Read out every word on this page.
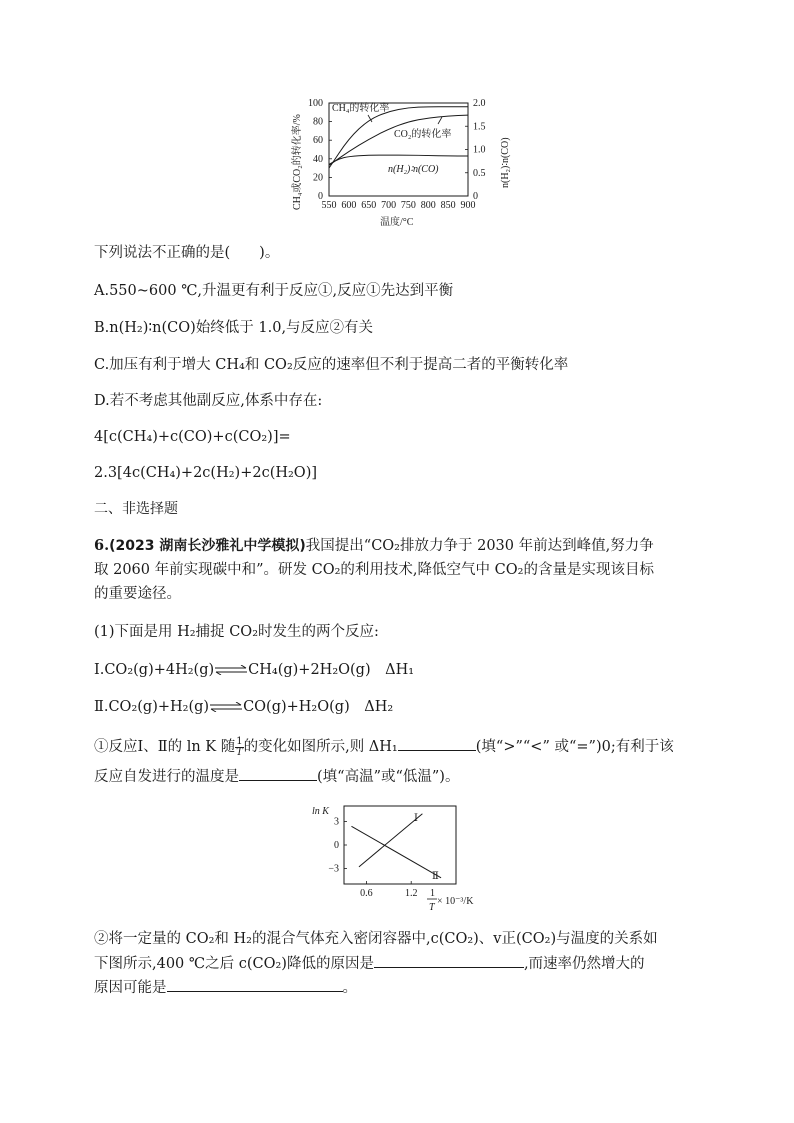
CH₄或CO₂的转化率/%	n(H₂)∶n(CO)
温度/°C
550 600 650 700 750 800 850 900
0
20
40
60
80
100
0
0.5
1.0
1.5
2.0
CH₄的转化率
CO₂的转化率
n(H₂)∶n(CO)
下列说法不正确的是(　　)。
A.550~600 ℃,升温更有利于反应①,反应①先达到平衡
B.n(H₂)∶n(CO)始终低于 1.0,与反应②有关
C.加压有利于增大 CH₄和 CO₂反应的速率但不利于提高二者的平衡转化率
D.若不考虑其他副反应,体系中存在:
4[c(CH₄)+c(CO)+c(CO₂)]=
2.3[4c(CH₄)+2c(H₂)+2c(H₂O)]
二、非选择题
6.(2023 湖南长沙雅礼中学模拟)我国提出“CO₂排放力争于 2030 年前达到峰值,努力争
取 2060 年前实现碳中和”。研发 CO₂的利用技术,降低空气中 CO₂的含量是实现该目标
的重要途径。
(1)下面是用 H₂捕捉 CO₂时发生的两个反应:
Ⅰ.CO₂(g)+4H₂(g)⇌CH₄(g)+2H₂O(g)　ΔH₁
Ⅱ.CO₂(g)+H₂(g)⇌CO(g)+H₂O(g)　ΔH₂
①反应Ⅰ、Ⅱ的 ln K 随 $\frac{1}{T}$ 的变化如图所示,则 ΔH₁	(填“>”“<” 或“=”)0;有利于该
反应自发进行的温度是	(填“高温”或“低温”)。
ln K
0.6	1.2
3
0
−3
Ⅰ
Ⅱ
1
T
× 10⁻³/K
②将一定量的 CO₂和 H₂的混合气体充入密闭容器中,c(CO₂)、v正(CO₂)与温度的关系如
下图所示,400 ℃之后 c(CO₂)降低的原因是	,而速率仍然增大的
原因可能是	。
